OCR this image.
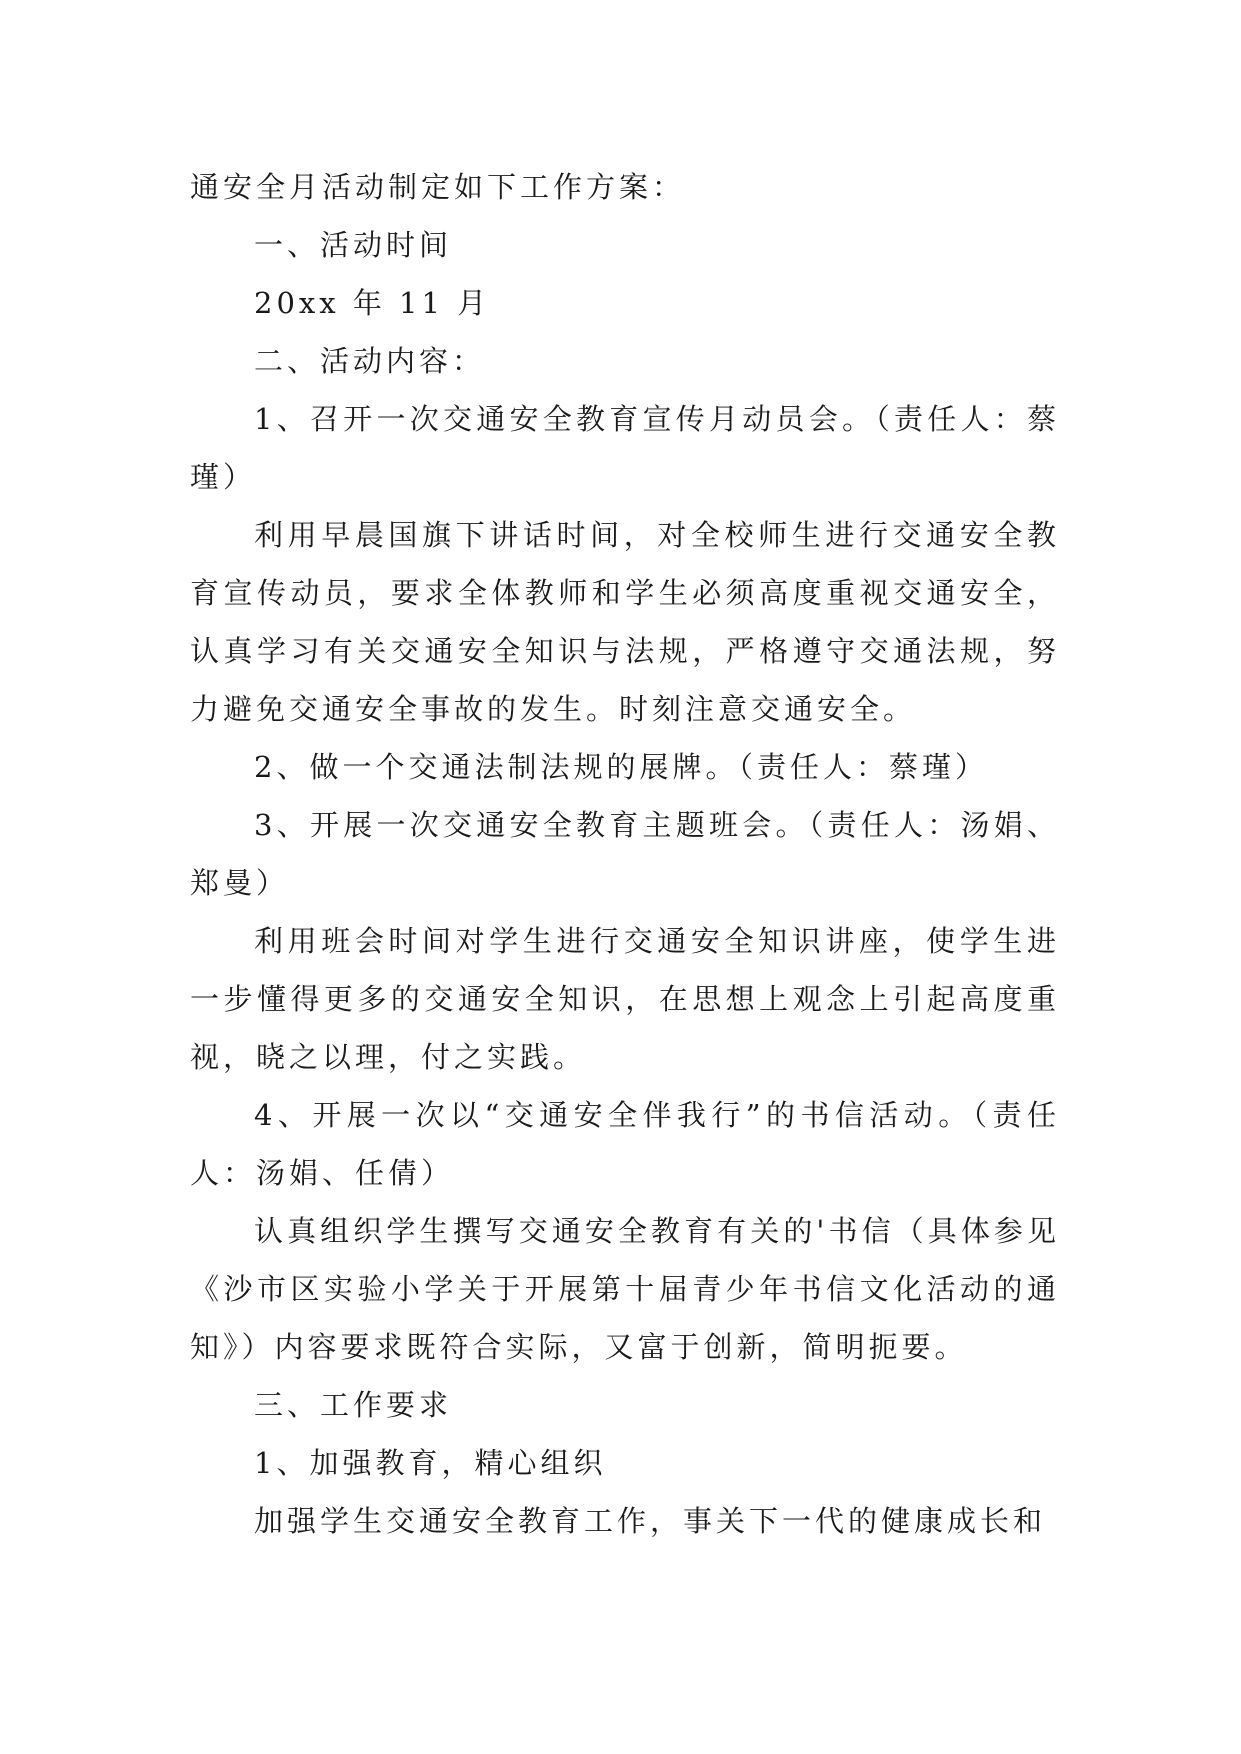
通安全月活动制定如下工作方案：

一、活动时间

20xx 年 11 月

二、活动内容：

1、召开一次交通安全教育宣传月动员会。（责任人：蔡瑾）

利用早晨国旗下讲话时间，对全校师生进行交通安全教育宣传动员，要求全体教师和学生必须高度重视交通安全，认真学习有关交通安全知识与法规，严格遵守交通法规，努力避免交通安全事故的发生。时刻注意交通安全。

2、做一个交通法制法规的展牌。（责任人：蔡瑾）

3、开展一次交通安全教育主题班会。（责任人：汤娟、郑曼）

利用班会时间对学生进行交通安全知识讲座，使学生进一步懂得更多的交通安全知识，在思想上观念上引起高度重视，晓之以理，付之实践。

4、开展一次以“交通安全伴我行”的书信活动。（责任人：汤娟、任倩）

认真组织学生撰写交通安全教育有关的'书信（具体参见《沙市区实验小学关于开展第十届青少年书信文化活动的通知》）内容要求既符合实际，又富于创新，简明扼要。

三、工作要求

1、加强教育，精心组织

加强学生交通安全教育工作，事关下一代的健康成长和
